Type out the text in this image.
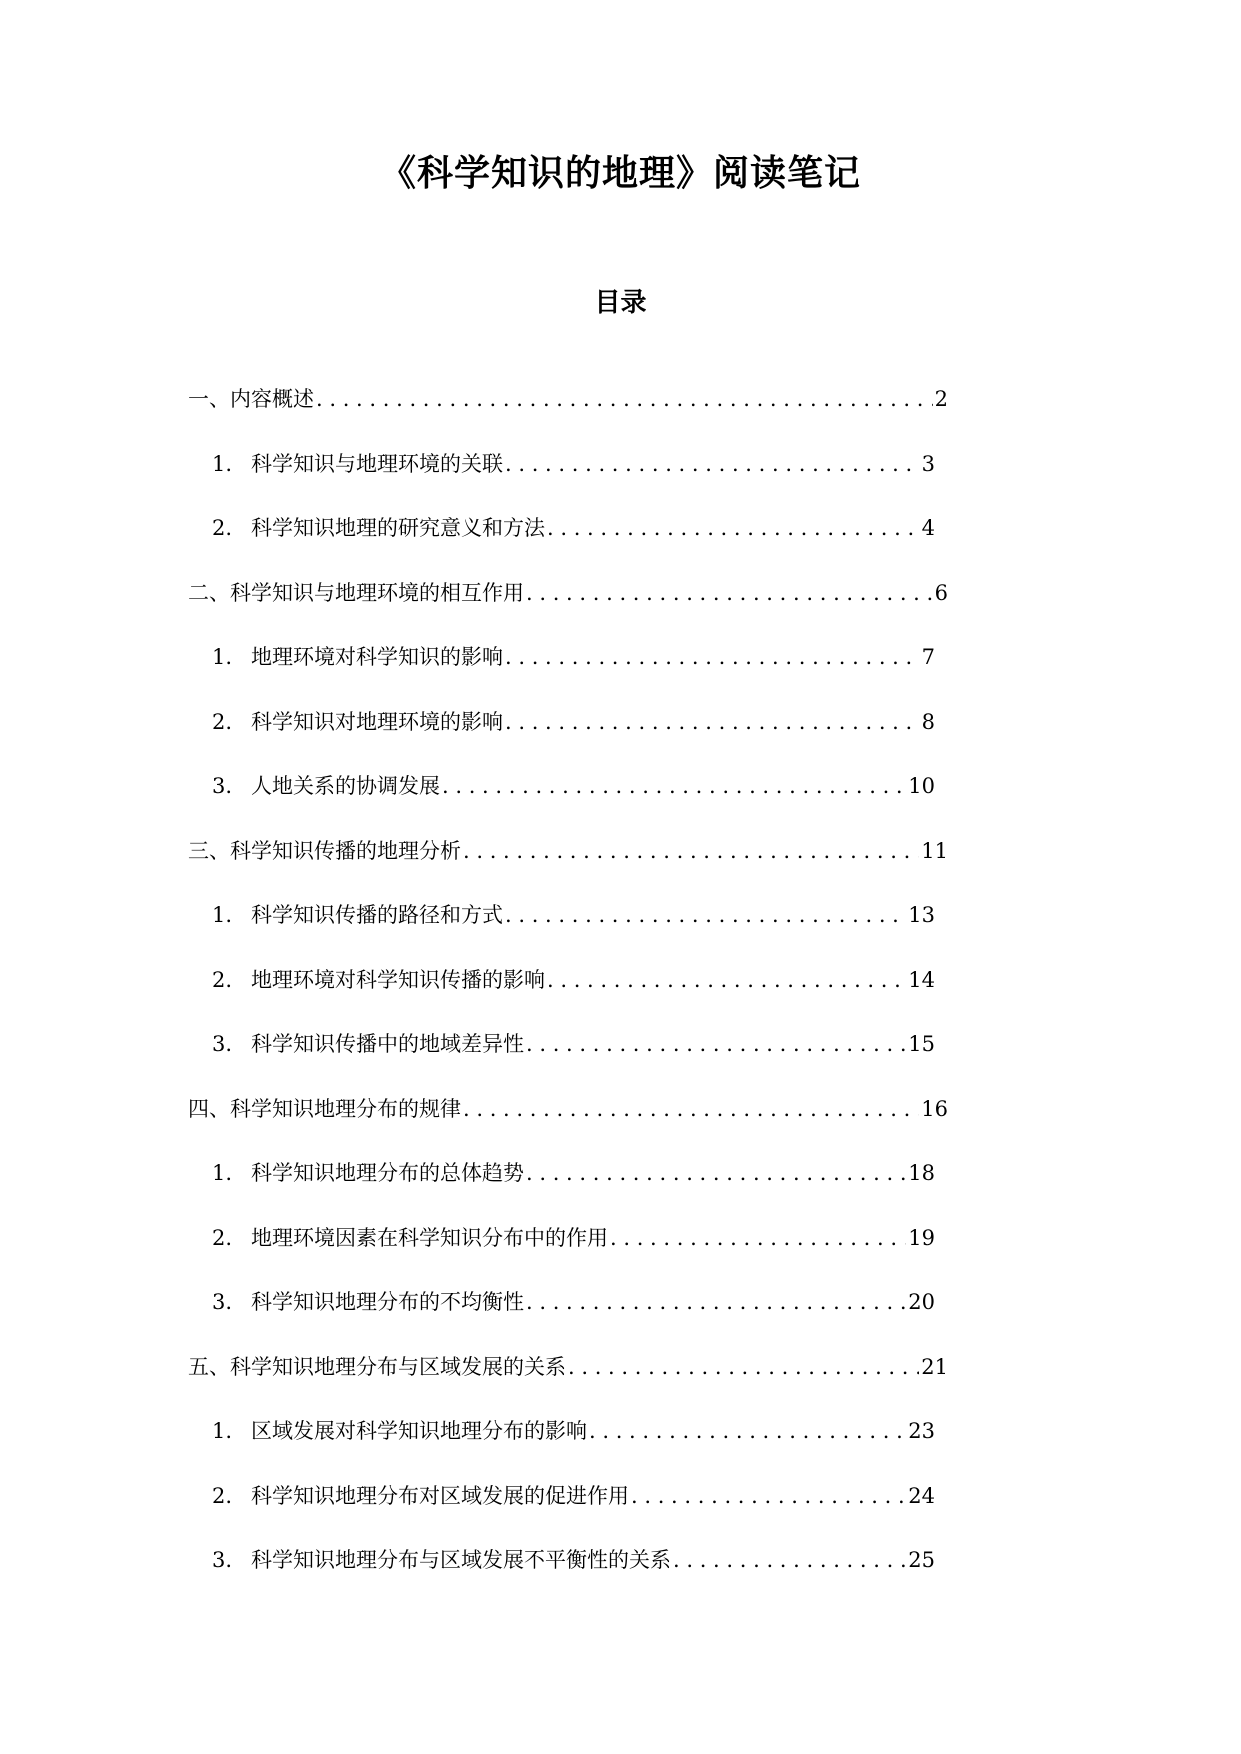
《科学知识的地理》阅读笔记
目录
一、内容概述 . . .	2
1. 科学知识与地理环境的关联 . . .	3
2. 科学知识地理的研究意义和方法 . . .	4
二、科学知识与地理环境的相互作用 . . .	6
1. 地理环境对科学知识的影响 . . .	7
2. 科学知识对地理环境的影响 . . .	8
3. 人地关系的协调发展 . . .	10
三、科学知识传播的地理分析 . . .	11
1. 科学知识传播的路径和方式 . . .	13
2. 地理环境对科学知识传播的影响 . . .	14
3. 科学知识传播中的地域差异性 . . .	15
四、科学知识地理分布的规律 . . .	16
1. 科学知识地理分布的总体趋势 . . .	18
2. 地理环境因素在科学知识分布中的作用 . . .	19
3. 科学知识地理分布的不均衡性 . . .	20
五、科学知识地理分布与区域发展的关系 . . .	21
1. 区域发展对科学知识地理分布的影响 . . .	23
2. 科学知识地理分布对区域发展的促进作用 . . .	24
3. 科学知识地理分布与区域发展不平衡性的关系 . . .	25
